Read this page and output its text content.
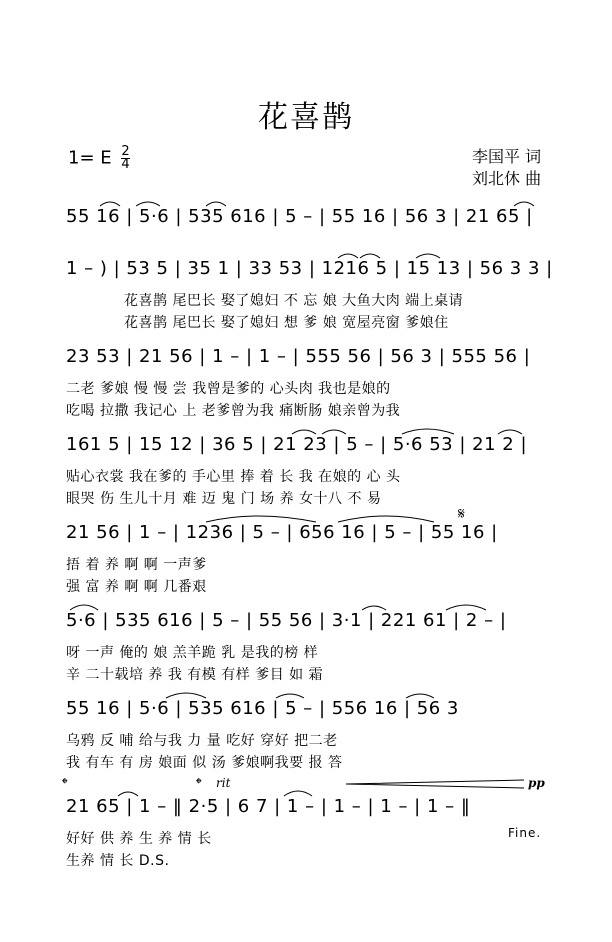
花喜鹊
1= E $\frac{2}{4}$	李国平 词
刘北休 曲
55 16 | 5·6 | 535 616 | 5 – | 55 16 | 56 3 | 21 65 |
1 – ) | 53 5 | 35 1 | 33 53 | 1216 5 | 15 13 | 56 3 3 |
花喜鹊 尾巴长 娶了媳妇 不 忘 娘 大鱼大肉 端上桌请
花喜鹊 尾巴长 娶了媳妇 想 爹 娘 宽屋亮窗 爹娘住
23 53 | 21 56 | 1 – | 1 – | 555 56 | 56 3 | 555 56 |
二老 爹娘 慢 慢 尝 我曾是爹的 心头肉 我也是娘的
吃喝 拉撒 我记心 上 老爹曾为我 痛断肠 娘亲曾为我
161 5 | 15 12 | 36 5 | 21 23 | 5 – | 5·6 53 | 21 2 |
贴心衣裳 我在爹的 手心里 捧 着 长 我 在娘的 心 头
眼哭 伤 生儿十月 难 迈 鬼 门 场 养 女十八 不 易
21 56 | 1 – | 1236 | 5 – | 656 16 | 5 – | 55 16 |
捂 着 养 啊 啊 一声爹
强 富 养 啊 啊 几番艰
𝄋
5·6 | 535 616 | 5 – | 55 56 | 3·1 | 221 61 | 2 – |
呀 一声 俺的 娘 羔羊跪 乳 是我的榜 样
辛 二十载培 养 我 有模 有样 爹目 如 霜
55 16 | 5·6 | 535 616 | 5 – | 556 16 | 56 3
乌鸦 反 哺 给与我 力 量 吃好 穿好 把二老
我 有车 有 房 娘面 似 汤 爹娘啊我要 报 答
21 65 | 1 – ‖ 2·5 | 6 7 | 1 – | 1 – | 1 – | 1 – ‖
好好 供 养 生 养 情 长
生养 情 长 D.S.
𝄌	𝄌 rit	pp
Fine.
